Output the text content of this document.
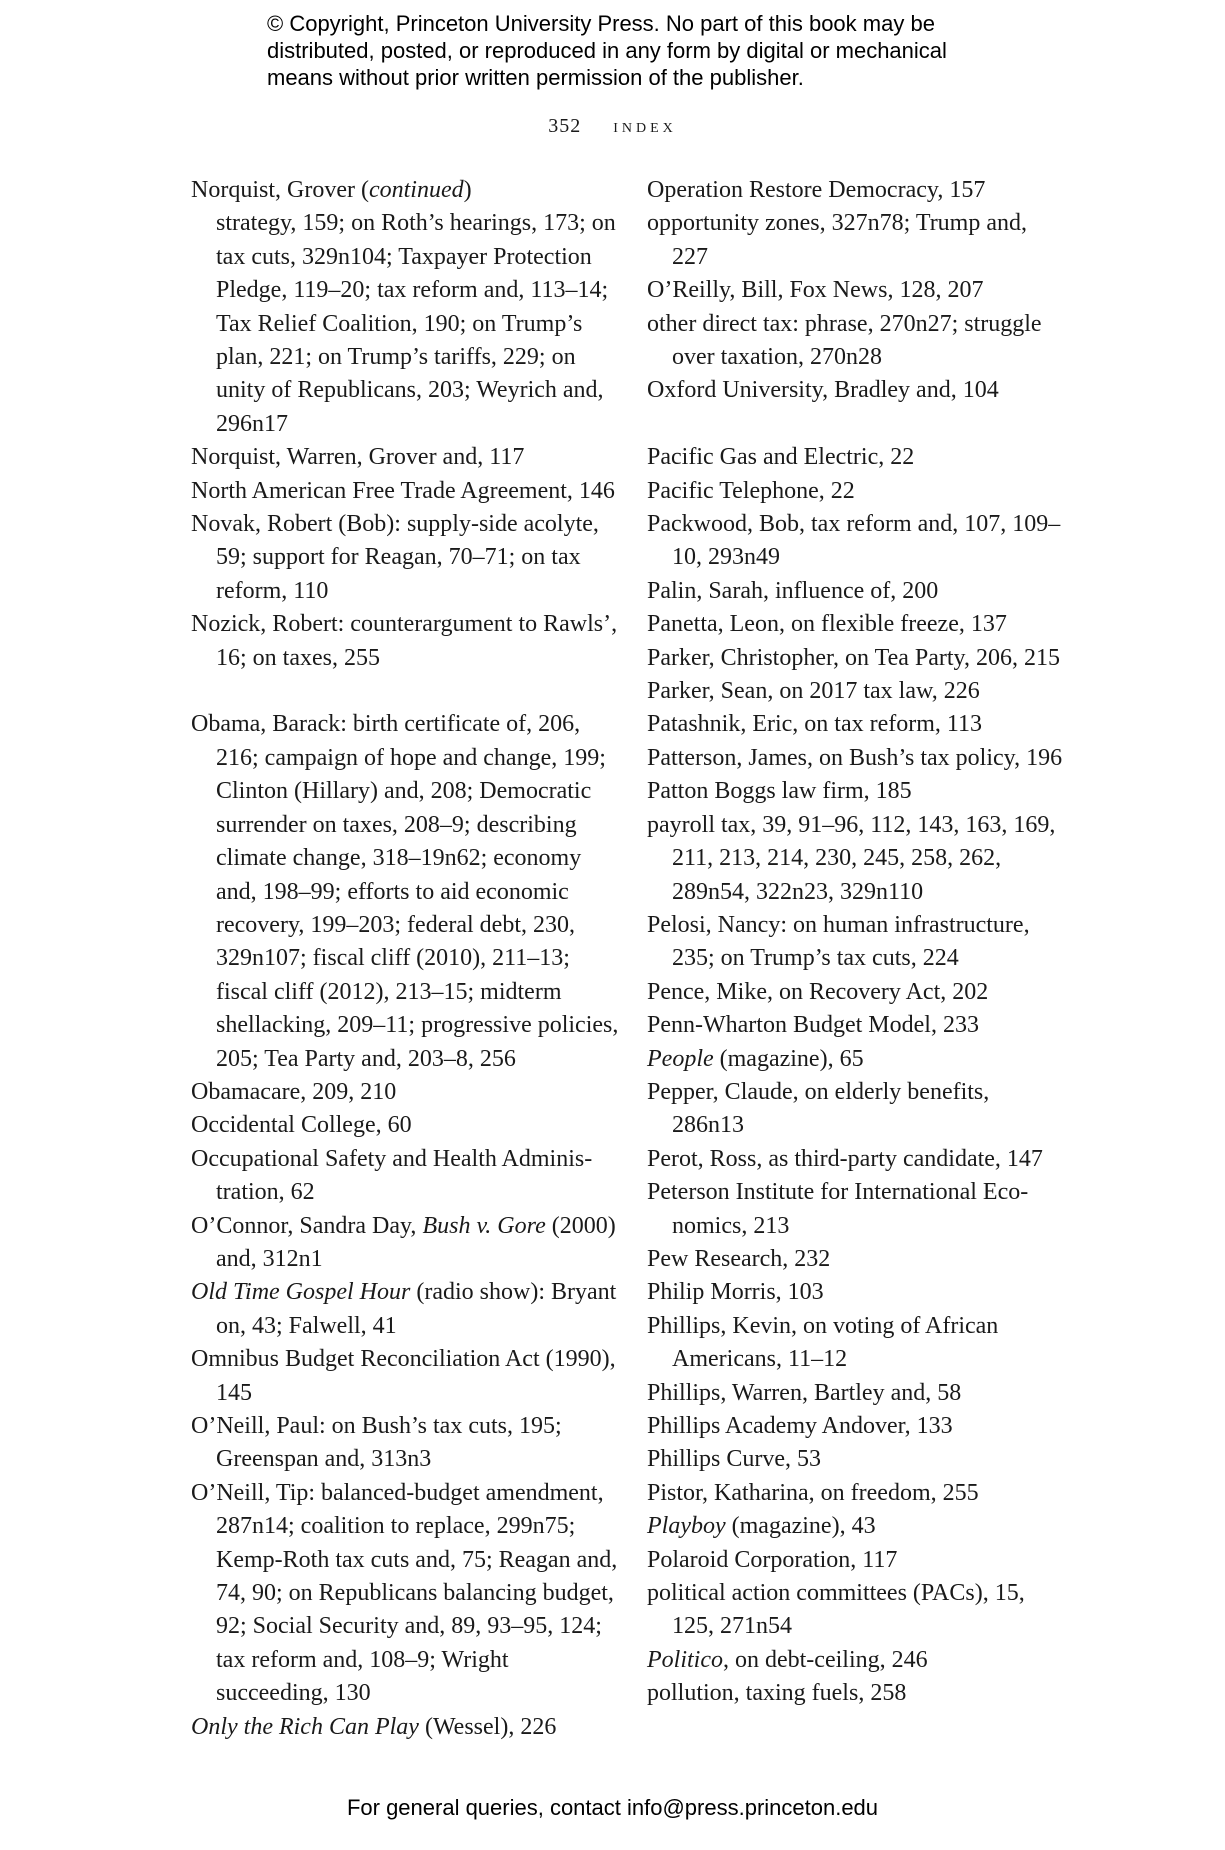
© Copyright, Princeton University Press. No part of this book may be
distributed, posted, or reproduced in any form by digital or mechanical
means without prior written permission of the publisher.
352 index
Norquist, Grover (continued)
strategy, 159; on Roth’s hearings, 173; on tax cuts, 329n104; Taxpayer Protection Pledge, 119–20; tax reform and, 113–14; Tax Relief Coalition, 190; on Trump’s plan, 221; on Trump’s tariffs, 229; on unity of Republicans, 203; Weyrich and, 296n17
Norquist, Warren, Grover and, 117
North American Free Trade Agreement, 146
Novak, Robert (Bob): supply-side acolyte, 59; support for Reagan, 70–71; on tax reform, 110
Nozick, Robert: counterargument to Rawls’, 16; on taxes, 255
Obama, Barack: birth certificate of, 206, 216; campaign of hope and change, 199; Clinton (Hillary) and, 208; Democratic surrender on taxes, 208–9; describing climate change, 318–19n62; economy and, 198–99; efforts to aid economic recovery, 199–203; federal debt, 230, 329n107; fiscal cliff (2010), 211–13; fiscal cliff (2012), 213–15; midterm shellacking, 209–11; progressive policies, 205; Tea Party and, 203–8, 256
Obamacare, 209, 210
Occidental College, 60
Occupational Safety and Health Adminis-tration, 62
O’Connor, Sandra Day, Bush v. Gore (2000) and, 312n1
Old Time Gospel Hour (radio show): Bryant on, 43; Falwell, 41
Omnibus Budget Reconciliation Act (1990), 145
O’Neill, Paul: on Bush’s tax cuts, 195; Greenspan and, 313n3
O’Neill, Tip: balanced-budget amendment, 287n14; coalition to replace, 299n75; Kemp-Roth tax cuts and, 75; Reagan and, 74, 90; on Republicans balancing budget, 92; Social Security and, 89, 93–95, 124; tax reform and, 108–9; Wright succeeding, 130
Only the Rich Can Play (Wessel), 226
Operation Restore Democracy, 157
opportunity zones, 327n78; Trump and, 227
O’Reilly, Bill, Fox News, 128, 207
other direct tax: phrase, 270n27; struggle over taxation, 270n28
Oxford University, Bradley and, 104
Pacific Gas and Electric, 22
Pacific Telephone, 22
Packwood, Bob, tax reform and, 107, 109–10, 293n49
Palin, Sarah, influence of, 200
Panetta, Leon, on flexible freeze, 137
Parker, Christopher, on Tea Party, 206, 215
Parker, Sean, on 2017 tax law, 226
Patashnik, Eric, on tax reform, 113
Patterson, James, on Bush’s tax policy, 196
Patton Boggs law firm, 185
payroll tax, 39, 91–96, 112, 143, 163, 169, 211, 213, 214, 230, 245, 258, 262, 289n54, 322n23, 329n110
Pelosi, Nancy: on human infrastructure, 235; on Trump’s tax cuts, 224
Pence, Mike, on Recovery Act, 202
Penn-Wharton Budget Model, 233
People (magazine), 65
Pepper, Claude, on elderly benefits, 286n13
Perot, Ross, as third-party candidate, 147
Peterson Institute for International Eco-nomics, 213
Pew Research, 232
Philip Morris, 103
Phillips, Kevin, on voting of African Americans, 11–12
Phillips, Warren, Bartley and, 58
Phillips Academy Andover, 133
Phillips Curve, 53
Pistor, Katharina, on freedom, 255
Playboy (magazine), 43
Polaroid Corporation, 117
political action committees (PACs), 15, 125, 271n54
Politico, on debt-ceiling, 246
pollution, taxing fuels, 258
For general queries, contact info@press.princeton.edu
